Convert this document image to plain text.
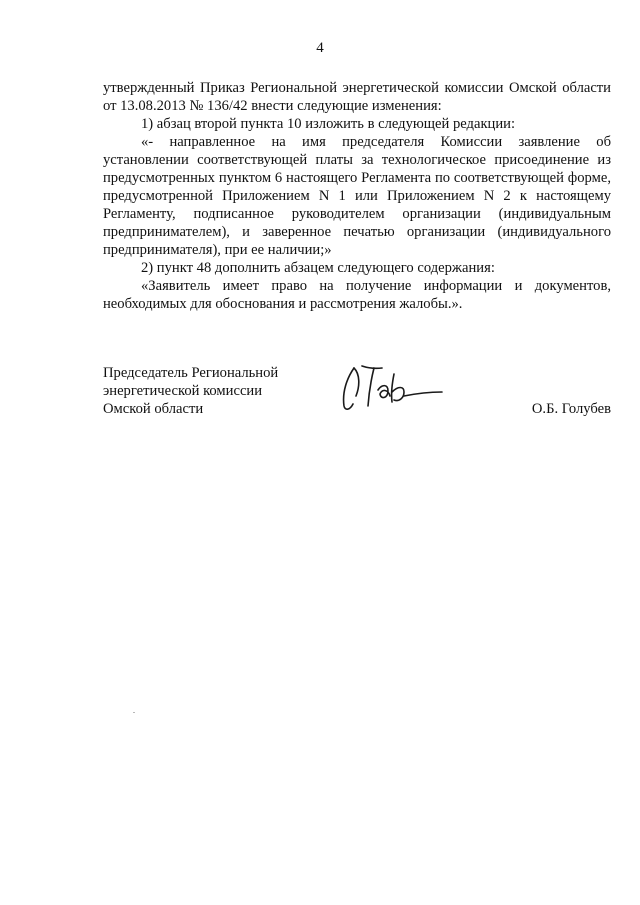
4

утвержденный Приказ Региональной энергетической комиссии Омской области от 13.08.2013 № 136/42 внести следующие изменения:

1) абзац второй пункта 10 изложить в следующей редакции:

«- направленное на имя председателя Комиссии заявление об установлении соответствующей платы за технологическое присоединение из предусмотренных пунктом 6 настоящего Регламента по соответствующей форме, предусмотренной Приложением N 1 или Приложением N 2 к настоящему Регламенту, подписанное руководителем организации (индивидуальным предпринимателем), и заверенное печатью организации (индивидуального предпринимателя), при ее наличии;»

2) пункт 48 дополнить абзацем следующего содержания:

«Заявитель имеет право на получение информации и документов, необходимых для обоснования и рассмотрения жалобы.».

Председатель Региональной
энергетической комиссии
Омской области	О.Б. Голубев
